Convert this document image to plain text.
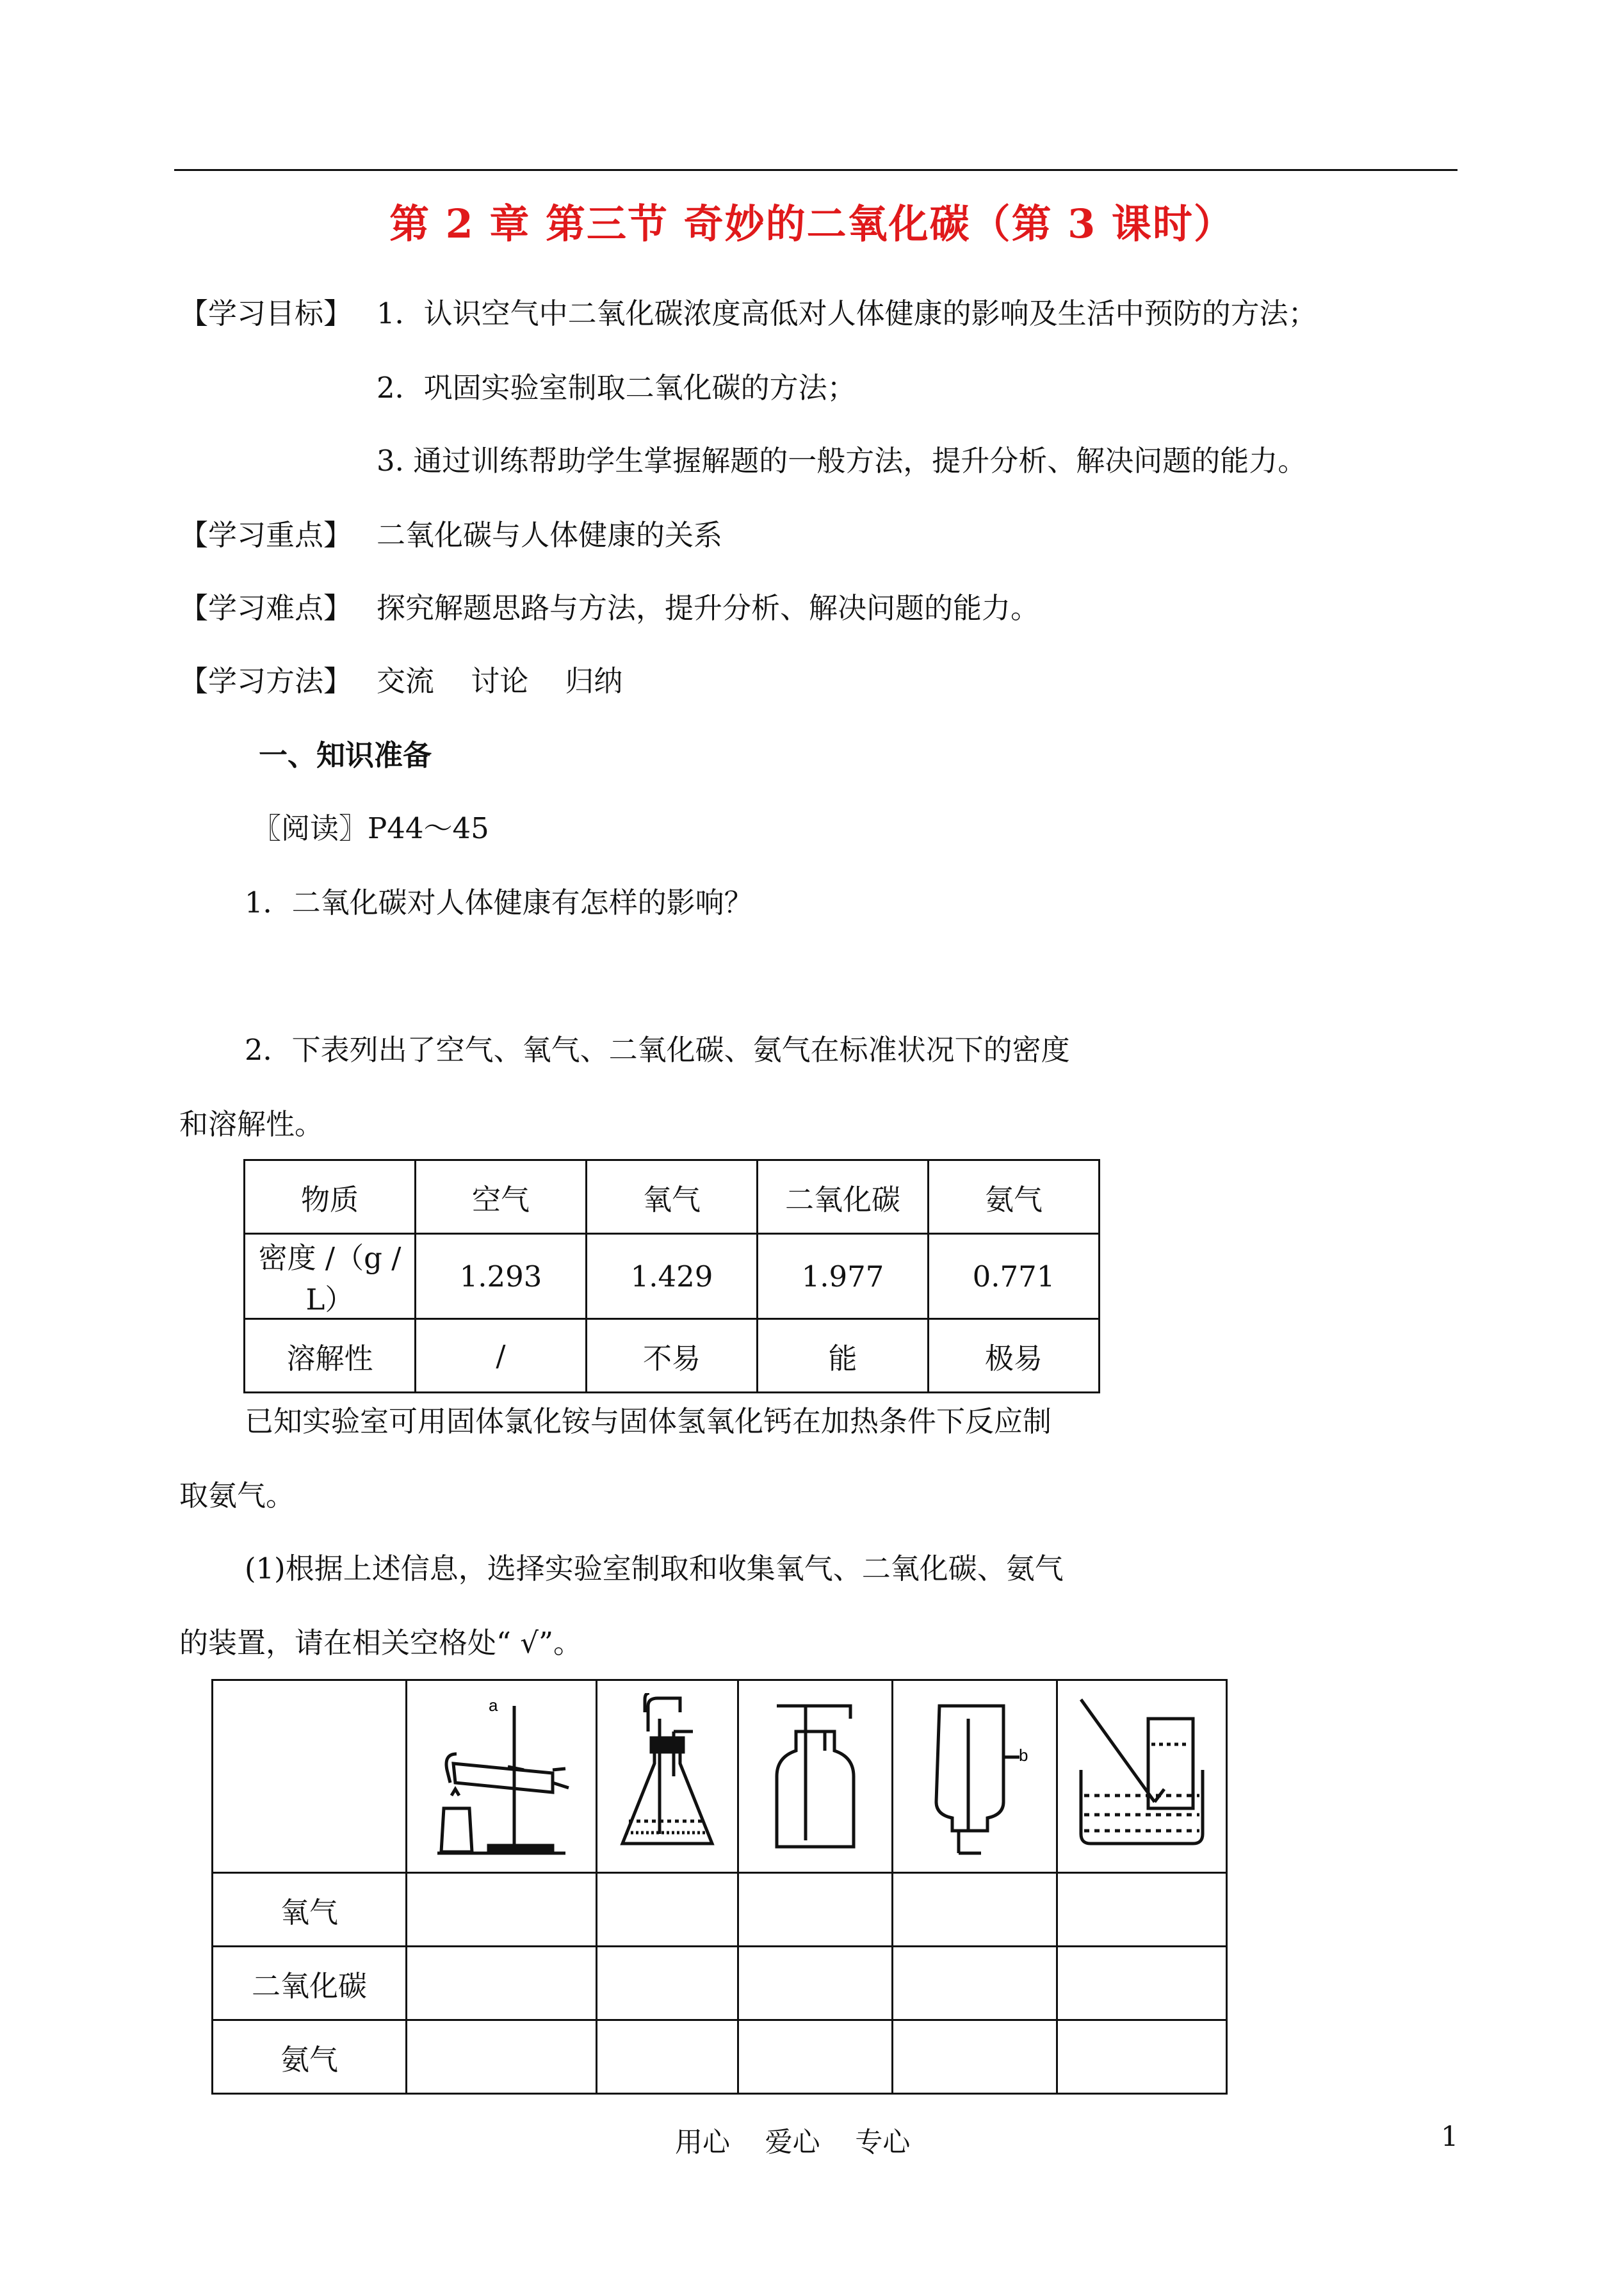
第 2 章 第三节 奇妙的二氧化碳（第 3 课时）
【学习目标】 1．认识空气中二氧化碳浓度高低对人体健康的影响及生活中预防的方法；
2．巩固实验室制取二氧化碳的方法；
3. 通过训练帮助学生掌握解题的一般方法，提升分析、解决问题的能力。
【学习重点】 二氧化碳与人体健康的关系
【学习难点】 探究解题思路与方法，提升分析、解决问题的能力。
【学习方法】 交流    讨论    归纳
一、知识准备
〖阅读〗P44～45
1．二氧化碳对人体健康有怎样的影响？
2．下表列出了空气、氧气、二氧化碳、氨气在标准状况下的密度
和溶解性。
物质	空气	氧气	二氧化碳	氨气
密度 /（g / L）	1.293	1.429	1.977	0.771
溶解性	/	不易	能	极易
已知实验室可用固体氯化铵与固体氢氧化钙在加热条件下反应制
取氨气。
(1)根据上述信息，选择实验室制取和收集氧气、二氧化碳、氨气
的装置，请在相关空格处“ √”。

a			b

氧气					
二氧化碳					
氨气					
用心    爱心    专心	1
